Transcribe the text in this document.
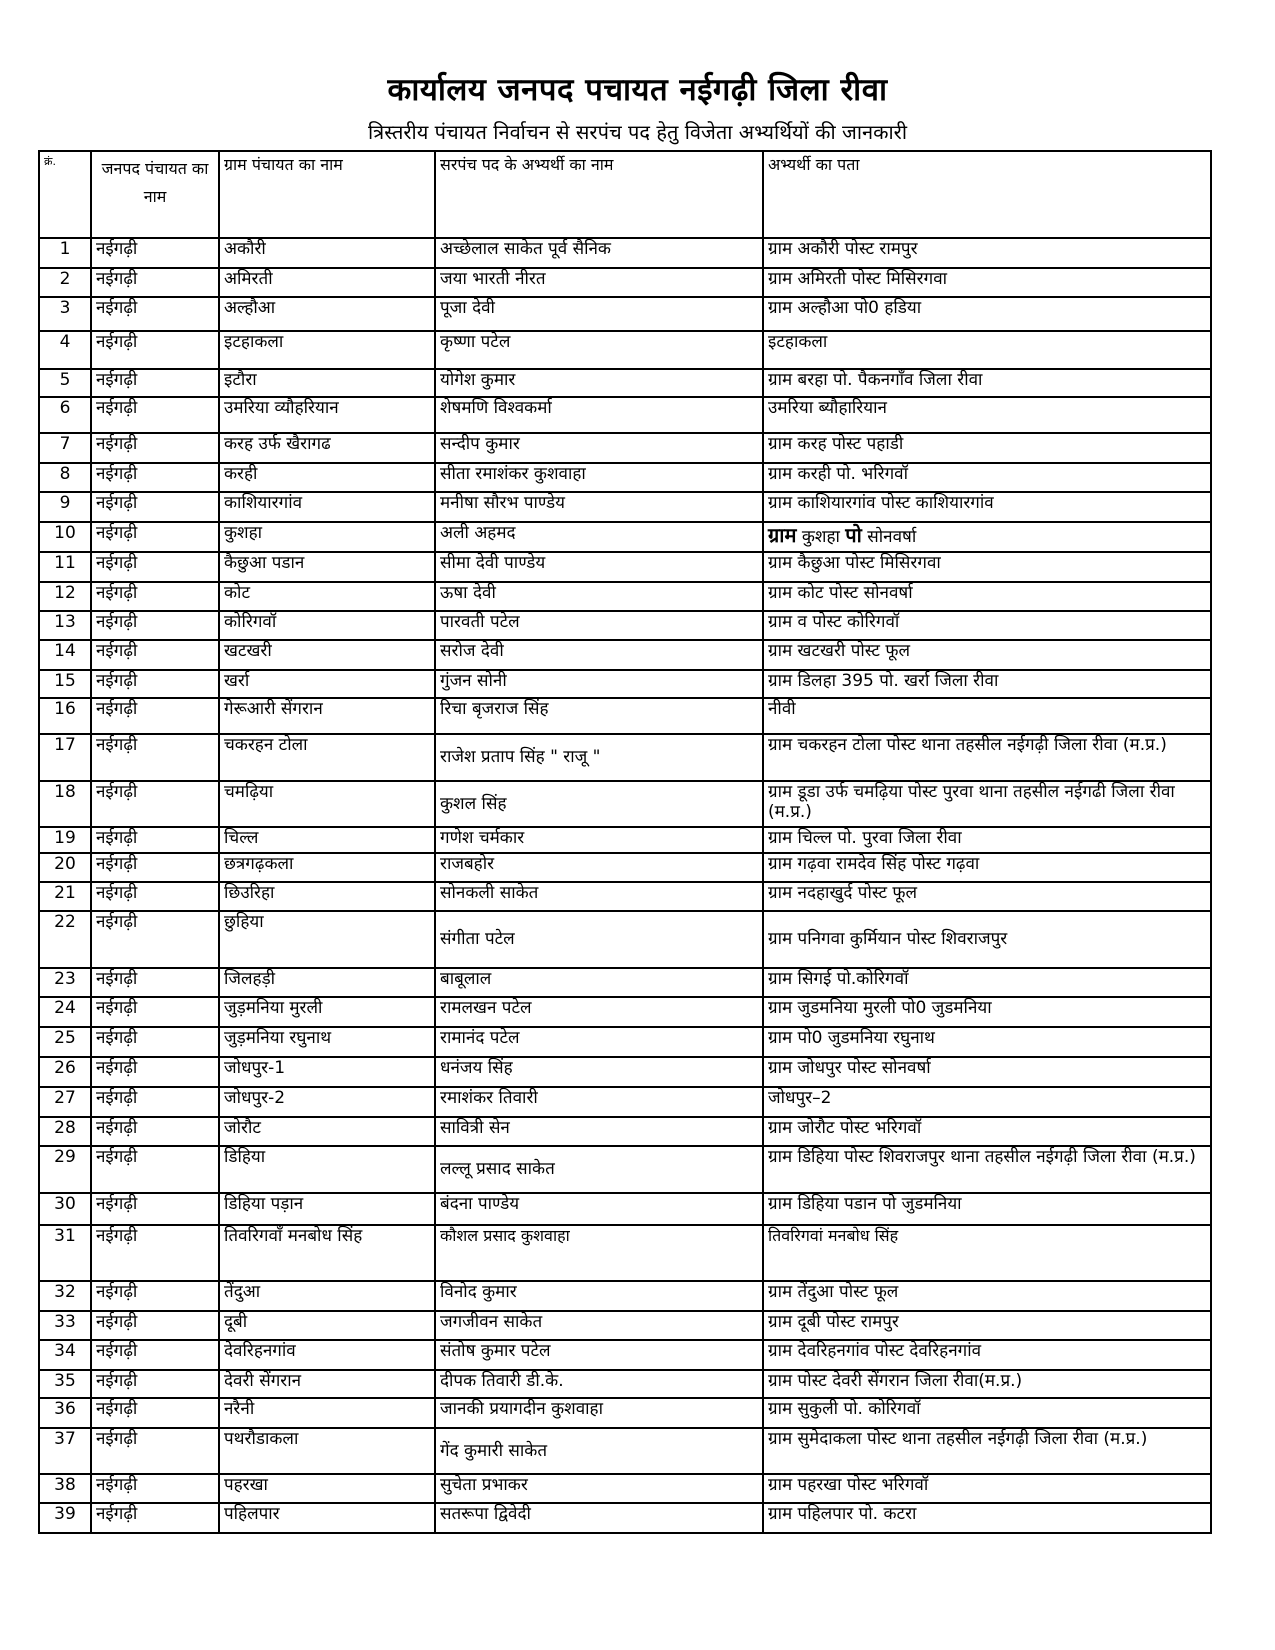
कार्यालय जनपद पचायत नईगढ़ी जिला रीवा
त्रिस्तरीय पंचायत निर्वाचन से सरपंच पद हेतु विजेता अभ्यर्थियों की जानकारी
क्रं.	जनपद पंचायत का नाम	ग्राम पंचायत का नाम	सरपंच पद के अभ्यर्थी का नाम	अभ्यर्थी का पता
1	नईगढ़ी	अकौरी	अच्छेलाल साकेत पूर्व सैनिक	ग्राम अकौरी पोस्ट रामपुर
2	नईगढ़ी	अमिरती	जया भारती नीरत	ग्राम अमिरती पोस्ट मिसिरगवा
3	नईगढ़ी	अल्हौआ	पूजा देवी	ग्राम अल्हौआ पो0 हडिया
4	नईगढ़ी	इटहाकला	कृष्णा पटेल	इटहाकला
5	नईगढ़ी	इटौरा	योगेश कुमार	ग्राम बरहा पो. पैकनगाँव जिला रीवा
6	नईगढ़ी	उमरिया व्यौहरियान	शेषमणि विश्वकर्मा	उमरिया ब्यौहारियान
7	नईगढ़ी	करह उर्फ खैरागढ	सन्दीप कुमार	ग्राम करह पोस्ट पहाडी
8	नईगढ़ी	करही	सीता रमाशंकर कुशवाहा	ग्राम करही पो. भरिगवॉ
9	नईगढ़ी	काशियारगांव	मनीषा सौरभ पाण्डेय	ग्राम काशियारगांव पोस्ट काशियारगांव
10	नईगढ़ी	कुशहा	अली अहमद	ग्राम कुशहा पो सोनवर्षा
11	नईगढ़ी	कैछुआ पडान	सीमा देवी पाण्डेय	ग्राम कैछुआ पोस्ट मिसिरगवा
12	नईगढ़ी	कोट	ऊषा देवी	ग्राम कोट पोस्ट सोनवर्षा
13	नईगढ़ी	कोरिगवॉ	पारवती पटेल	ग्राम व पोस्ट कोरिगवॉ
14	नईगढ़ी	खटखरी	सरोज देवी	ग्राम खटखरी पोस्ट फूल
15	नईगढ़ी	खर्रा	गुंजन सोनी	ग्राम डिलहा 395 पो. खर्रा जिला रीवा
16	नईगढ़ी	गेरूआरी सेंगरान	रिचा बृजराज सिंह	नीवी
17	नईगढ़ी	चकरहन टोला	राजेश प्रताप सिंह " राजू "	ग्राम चकरहन टोला पोस्ट थाना तहसील नईगढ़ी जिला रीवा (म.प्र.)
18	नईगढ़ी	चमढ़िया	कुशल सिंह	ग्राम डूडा उर्फ चमढ़िया पोस्ट पुरवा थाना तहसील नईगढी जिला रीवा (म.प्र.)
19	नईगढ़ी	चिल्ल	गणेश चर्मकार	ग्राम चिल्ल पो. पुरवा जिला रीवा
20	नईगढ़ी	छत्रगढ़कला	राजबहोर	ग्राम गढ़वा रामदेव सिंह पोस्ट गढ़वा
21	नईगढ़ी	छिउरिहा	सोनकली साकेत	ग्राम नदहाखुर्द पोस्ट फूल
22	नईगढ़ी	छुहिया	संगीता पटेल	ग्राम पनिगवा कुर्मियान पोस्ट शिवराजपुर
23	नईगढ़ी	जिलहड़ी	बाबूलाल	ग्राम सिगई पो.कोरिगवॉ
24	नईगढ़ी	जुड़मनिया मुरली	रामलखन पटेल	ग्राम जुडमनिया मुरली पो0 जुडमनिया
25	नईगढ़ी	जुड़मनिया रघुनाथ	रामानंद पटेल	ग्राम पो0 जुडमनिया रघुनाथ
26	नईगढ़ी	जोधपुर-1	धनंजय सिंह	ग्राम जोधपुर पोस्ट सोनवर्षा
27	नईगढ़ी	जोधपुर-2	रमाशंकर तिवारी	जोधपुर–2
28	नईगढ़ी	जोरौट	सावित्री सेन	ग्राम जोरौट पोस्ट भरिगवॉ
29	नईगढ़ी	डिहिया	लल्लू प्रसाद साकेत	ग्राम डिहिया पोस्ट शिवराजपुर थाना तहसील नईगढ़ी जिला रीवा (म.प्र.)
30	नईगढ़ी	डिहिया पड़ान	बंदना पाण्डेय	ग्राम डिहिया पडान पो जुडमनिया
31	नईगढ़ी	तिवरिगवाँ मनबोध सिंह	कौशल प्रसाद कुशवाहा	तिवरिगवां मनबोध सिंह
32	नईगढ़ी	तेंदुआ	विनोद कुमार	ग्राम तेंदुआ पोस्ट फूल
33	नईगढ़ी	दूबी	जगजीवन साकेत	ग्राम दूबी पोस्ट रामपुर
34	नईगढ़ी	देवरिहनगांव	संतोष कुमार पटेल	ग्राम देवरिहनगांव पोस्ट देवरिहनगांव
35	नईगढ़ी	देवरी सेंगरान	दीपक तिवारी डी.के.	ग्राम पोस्ट देवरी सेंगरान जिला रीवा(म.प्र.)
36	नईगढ़ी	नरैनी	जानकी प्रयागदीन कुशवाहा	ग्राम सुकुली पो. कोरिगवॉ
37	नईगढ़ी	पथरौडाकला	गेंद कुमारी साकेत	ग्राम सुमेदाकला पोस्ट थाना तहसील नईगढ़ी जिला रीवा (म.प्र.)
38	नईगढ़ी	पहरखा	सुचेता प्रभाकर	ग्राम पहरखा पोस्ट भरिगवॉ
39	नईगढ़ी	पहिलपार	सतरूपा द्विवेदी	ग्राम पहिलपार पो. कटरा
